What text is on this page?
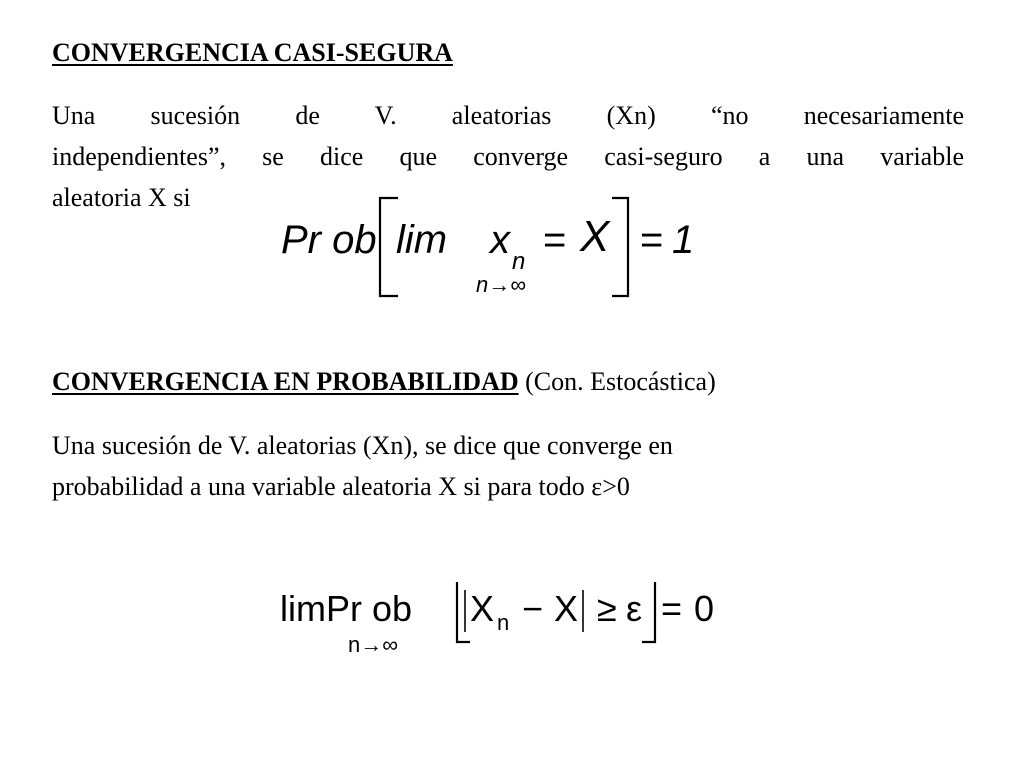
CONVERGENCIA CASI-SEGURA
Una sucesión de V. aleatorias (Xn) “no necesariamente
independientes”, se dice que converge casi-seguro a una variable
aleatoria X si
Pr ob lim x n = X = 1
n→∞
CONVERGENCIA EN PROBABILIDAD (Con. Estocástica)
Una sucesión de V. aleatorias (Xn), se dice que converge en
probabilidad a una variable aleatoria X si para todo ε>0
limPr ob X n − X ≥ ε = 0
n→∞
